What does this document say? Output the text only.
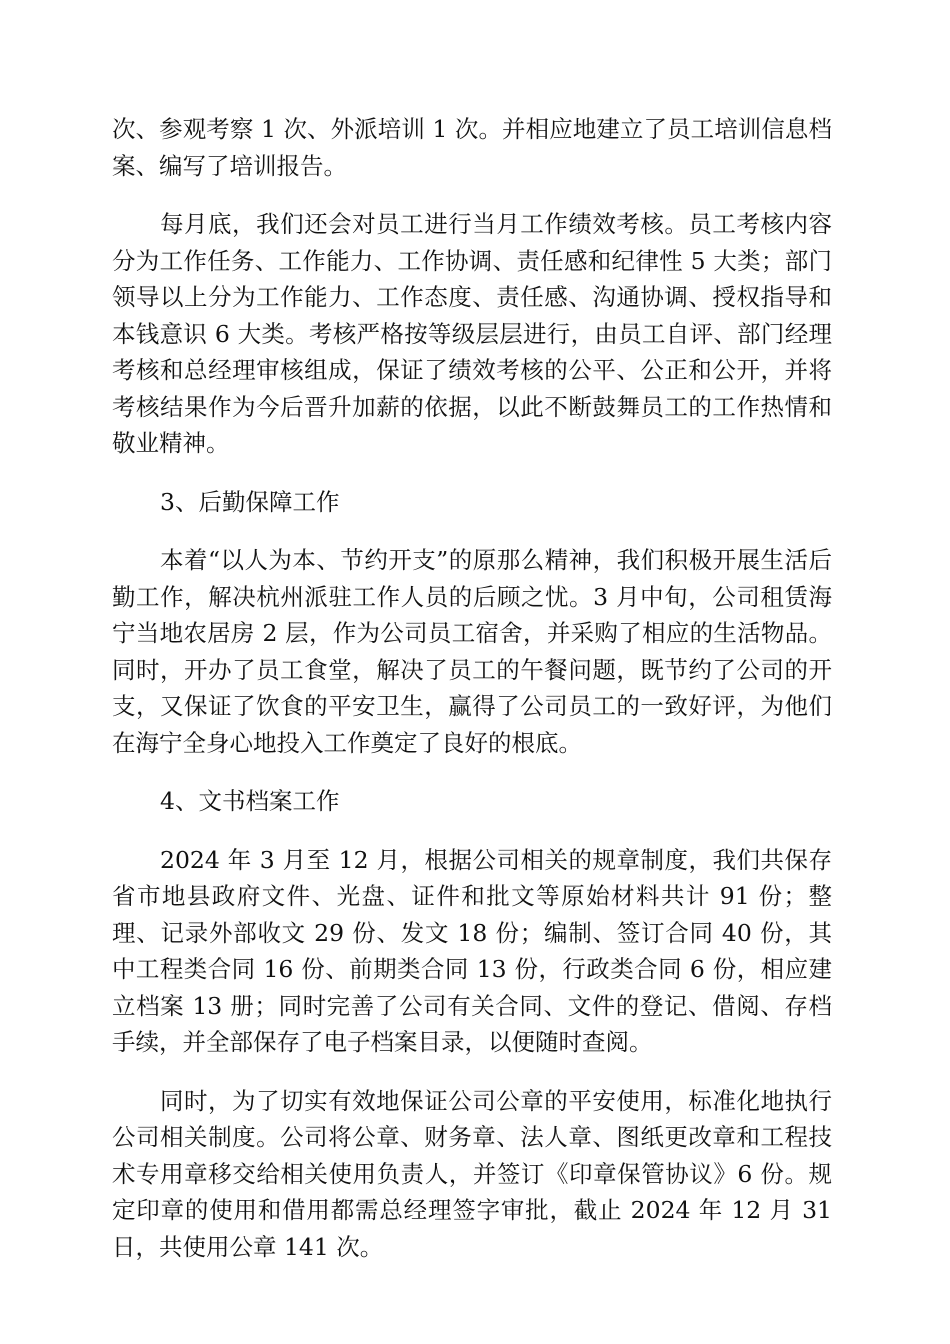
次、参观考察 1 次、外派培训 1 次。并相应地建立了员工培训信息档案、编写了培训报告。

每月底，我们还会对员工进行当月工作绩效考核。员工考核内容分为工作任务、工作能力、工作协调、责任感和纪律性 5 大类；部门领导以上分为工作能力、工作态度、责任感、沟通协调、授权指导和本钱意识 6 大类。考核严格按等级层层进行，由员工自评、部门经理考核和总经理审核组成，保证了绩效考核的公平、公正和公开，并将考核结果作为今后晋升加薪的依据，以此不断鼓舞员工的工作热情和敬业精神。

3、后勤保障工作

本着“以人为本、节约开支”的原那么精神，我们积极开展生活后勤工作，解决杭州派驻工作人员的后顾之忧。3 月中旬，公司租赁海宁当地农居房 2 层，作为公司员工宿舍，并采购了相应的生活物品。同时，开办了员工食堂，解决了员工的午餐问题，既节约了公司的开支，又保证了饮食的平安卫生，赢得了公司员工的一致好评，为他们在海宁全身心地投入工作奠定了良好的根底。

4、文书档案工作

2024 年 3 月至 12 月，根据公司相关的规章制度，我们共保存省市地县政府文件、光盘、证件和批文等原始材料共计 91 份；整理、记录外部收文 29 份、发文 18 份；编制、签订合同 40 份，其中工程类合同 16 份、前期类合同 13 份，行政类合同 6 份，相应建立档案 13 册；同时完善了公司有关合同、文件的登记、借阅、存档手续，并全部保存了电子档案目录，以便随时查阅。

同时，为了切实有效地保证公司公章的平安使用，标准化地执行公司相关制度。公司将公章、财务章、法人章、图纸更改章和工程技术专用章移交给相关使用负责人，并签订《印章保管协议》6 份。规定印章的使用和借用都需总经理签字审批，截止 2024 年 12 月 31 日，共使用公章 141 次。
